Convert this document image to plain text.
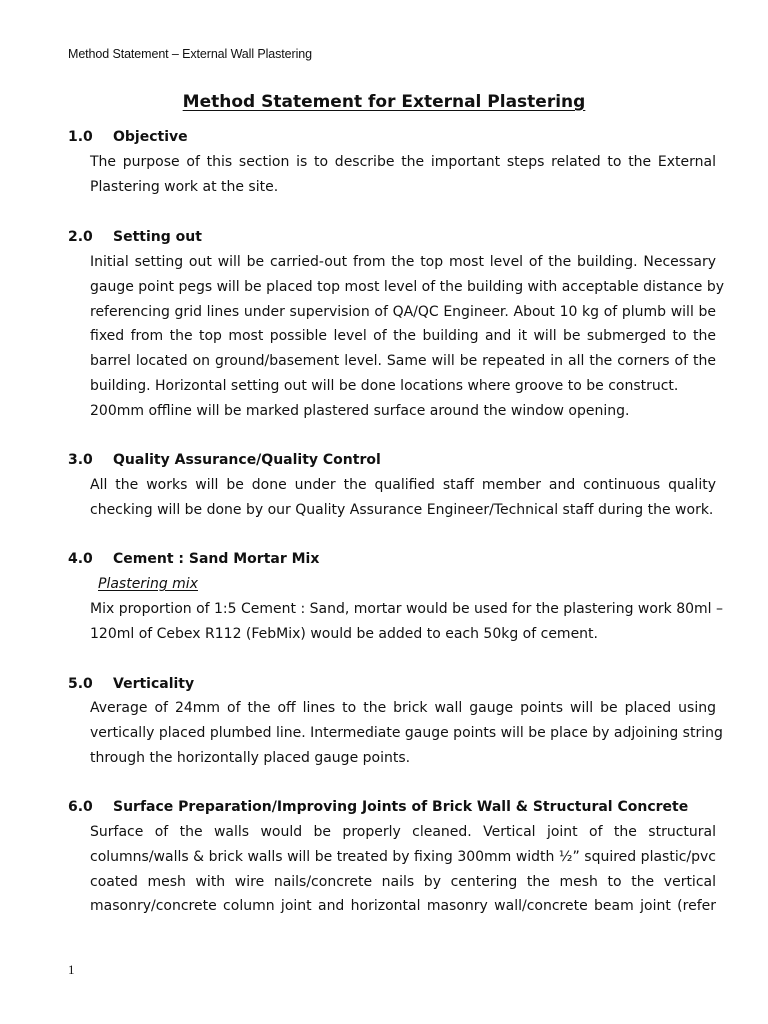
Method Statement – External Wall Plastering
Method Statement for External Plastering
1.0 Objective
The purpose of this section is to describe the important steps related to the External
Plastering work at the site.
2.0 Setting out
Initial setting out will be carried-out from the top most level of the building. Necessary
gauge point pegs will be placed top most level of the building with acceptable distance by
referencing grid lines under supervision of QA/QC Engineer. About 10 kg of plumb will be
fixed from the top most possible level of the building and it will be submerged to the
barrel located on ground/basement level. Same will be repeated in all the corners of the
building. Horizontal setting out will be done locations where groove to be construct.
200mm offline will be marked plastered surface around the window opening.
3.0 Quality Assurance/Quality Control
All the works will be done under the qualified staff member and continuous quality
checking will be done by our Quality Assurance Engineer/Technical staff during the work.
4.0 Cement : Sand Mortar Mix
Plastering mix
Mix proportion of 1:5 Cement : Sand, mortar would be used for the plastering work 80ml –
120ml of Cebex R112 (FebMix) would be added to each 50kg of cement.
5.0 Verticality
Average of 24mm of the off lines to the brick wall gauge points will be placed using
vertically placed plumbed line. Intermediate gauge points will be place by adjoining string
through the horizontally placed gauge points.
6.0 Surface Preparation/Improving Joints of Brick Wall & Structural Concrete
Surface of the walls would be properly cleaned. Vertical joint of the structural
columns/walls & brick walls will be treated by fixing 300mm width ½” squired plastic/pvc
coated mesh with wire nails/concrete nails by centering the mesh to the vertical
masonry/concrete column joint and horizontal masonry wall/concrete beam joint (refer
1
